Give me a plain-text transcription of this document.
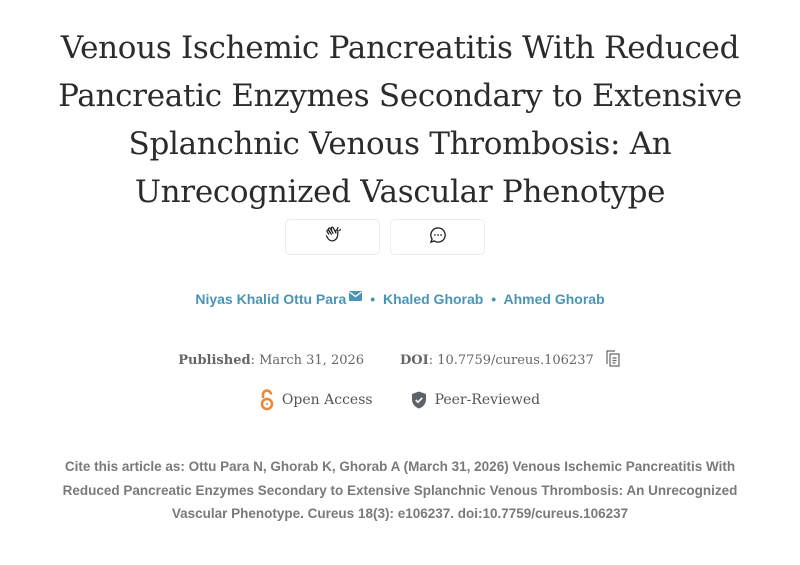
Venous Ischemic Pancreatitis With Reduced Pancreatic Enzymes Secondary to Extensive Splanchnic Venous Thrombosis: An Unrecognized Vascular Phenotype
Niyas Khalid Ottu Para • Khaled Ghorab • Ahmed Ghorab
Published : March 31, 2026	DOI : 10.7759/cureus.106237
Open Access	Peer-Reviewed
Cite this article as: Ottu Para N, Ghorab K, Ghorab A (March 31, 2026) Venous Ischemic Pancreatitis With Reduced Pancreatic Enzymes Secondary to Extensive Splanchnic Venous Thrombosis: An Unrecognized Vascular Phenotype. Cureus 18(3): e106237. doi:10.7759/cureus.106237
